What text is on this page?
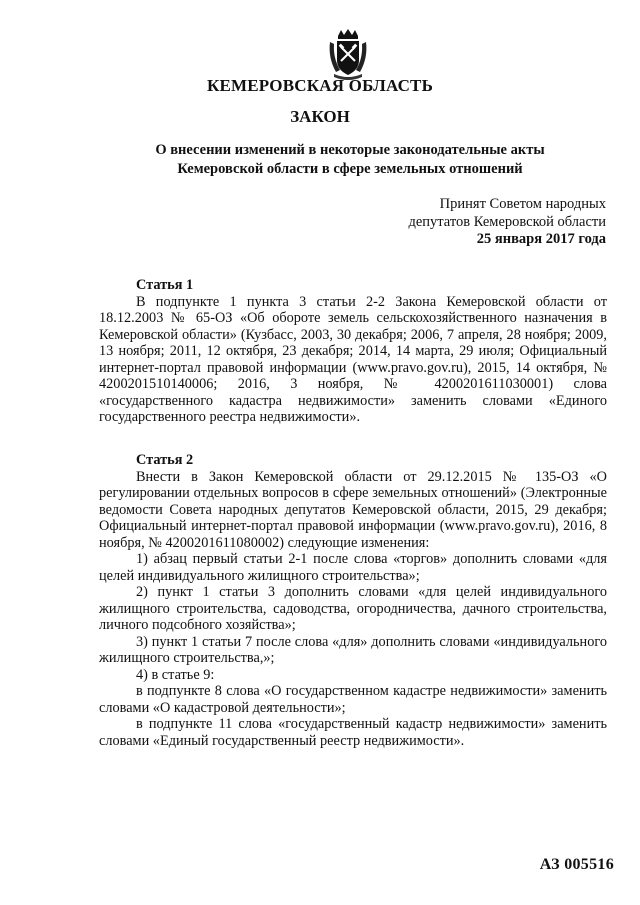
КЕМЕРОВСКАЯ ОБЛАСТЬ
ЗАКОН
О внесении изменений в некоторые законодательные акты
Кемеровской области в сфере земельных отношений
Принят Советом народных
депутатов Кемеровской области
25 января 2017 года

Статья 1

В подпункте 1 пункта 3 статьи 2-2 Закона Кемеровской области от 18.12.2003 № 65-ОЗ «Об обороте земель сельскохозяйственного назначения в Кемеровской области» (Кузбасс, 2003, 30 декабря; 2006, 7 апреля, 28 ноября; 2009, 13 ноября; 2011, 12 октября, 23 декабря; 2014, 14 марта, 29 июля; Официальный интернет-портал правовой информации (www.pravo.gov.ru), 2015, 14 октября, № 4200201510140006; 2016, 3 ноября, № 4200201611030001) слова «государственного кадастра недвижимости» заменить словами «Единого государственного реестра недвижимости».

Статья 2

Внести в Закон Кемеровской области от 29.12.2015 № 135-ОЗ «О регулировании отдельных вопросов в сфере земельных отношений» (Электронные ведомости Совета народных депутатов Кемеровской области, 2015, 29 декабря; Официальный интернет-портал правовой информации (www.pravo.gov.ru), 2016, 8 ноября, № 4200201611080002) следующие изменения:

1) абзац первый статьи 2-1 после слова «торгов» дополнить словами «для целей индивидуального жилищного строительства»;

2) пункт 1 статьи 3 дополнить словами «для целей индивидуального жилищного строительства, садоводства, огородничества, дачного строительства, личного подсобного хозяйства»;

3) пункт 1 статьи 7 после слова «для» дополнить словами «индивидуального жилищного строительства,»;

4) в статье 9:

в подпункте 8 слова «О государственном кадастре недвижимости» заменить словами «О кадастровой деятельности»;

в подпункте 11 слова «государственный кадастр недвижимости» заменить словами «Единый государственный реестр недвижимости».

АЗ 005516
